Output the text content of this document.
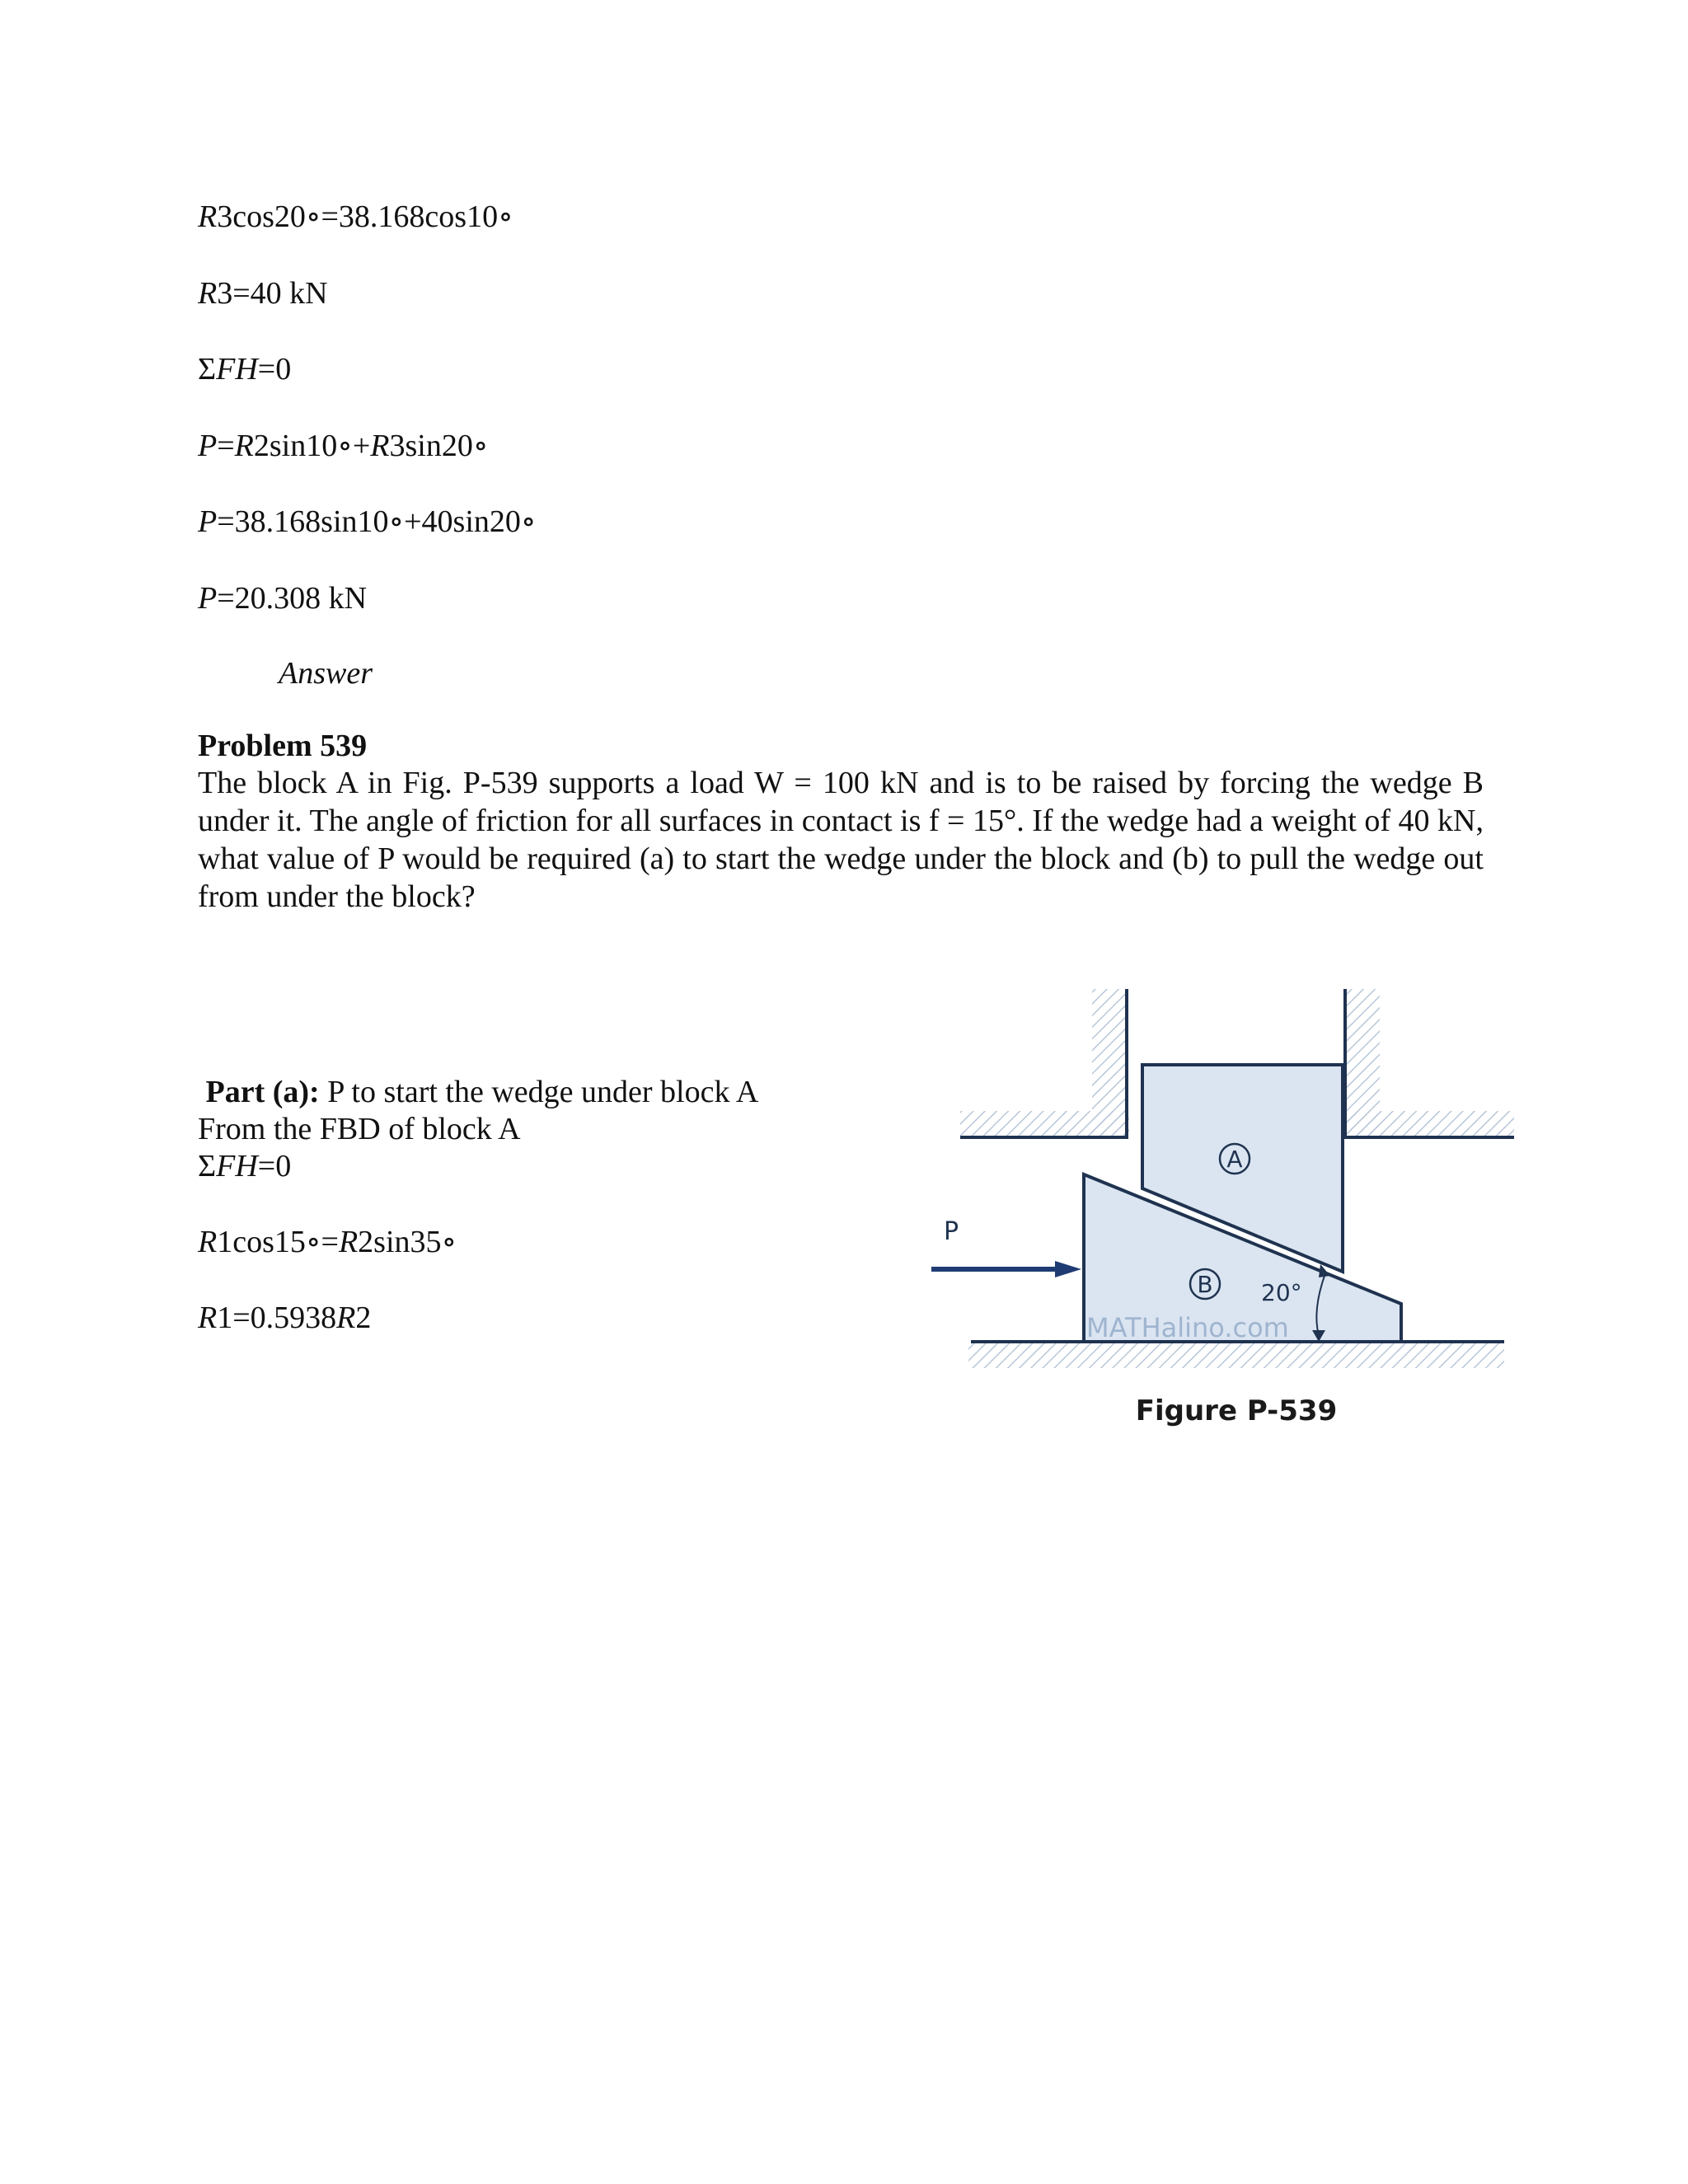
R3cos20∘=38.168cos10∘
R3=40 kN
ΣFH=0
P=R2sin10∘+R3sin20∘
P=38.168sin10∘+40sin20∘
P=20.308 kN
Answer
Problem 539
The block A in Fig. P-539 supports a load W = 100 kN and is to be raised by forcing the wedge B under it. The angle of friction for all surfaces in contact is f = 15°. If the wedge had a weight of 40 kN, what value of P would be required (a) to start the wedge under the block and (b) to pull the wedge out from under the block?
Part (a): P to start the wedge under block A
From the FBD of block A
ΣFH=0
R1cos15∘=R2sin35∘
R1=0.5938R2
A
B
P
20°
MATHalino.com
Figure P-539
